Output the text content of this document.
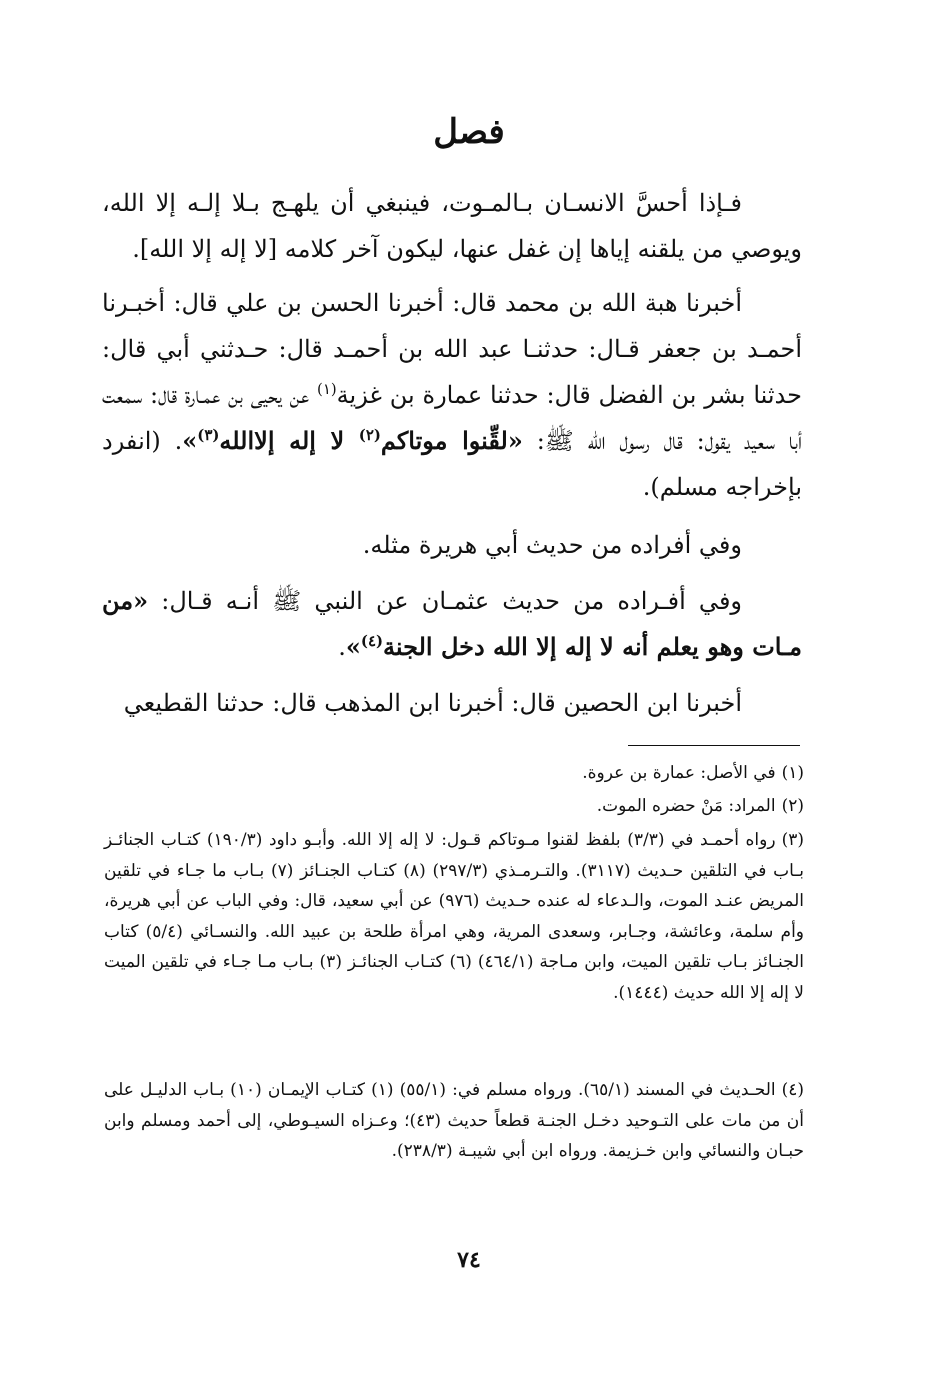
فصل

فـإذا أحسَّ الانسـان بـالمـوت، فينبغي أن يلهـج بـلا إلـه إلا الله، ويوصي من يلقنه إياها إن غفل عنها، ليكون آخر كلامه [لا إله إلا الله].

أخبرنا هبة الله بن محمد قال: أخبرنا الحسن بن علي قال: أخبـرنا أحمـد بن جعفر قـال: حدثنـا عبد الله بن أحمـد قال: حـدثني أبي قال: حدثنا بشر بن الفضل قال: حدثنا عمارة بن غزية$^{(١)}$ عن يحيى بن عمـارة قال: سمعت أبا سعيد يقول: قال رسول الله ﷺ: «لقِّنوا موتاكم$^{(٢)}$ لا إله إلاالله$^{(٣)}$». (انفرد بإخراجه مسلم).

وفي أفراده من حديث أبي هريرة مثله.

وفي أفـراده من حديث عثمـان عن النبي ﷺ أنـه قـال: «من مـات وهو يعلم أنه لا إله إلا الله دخل الجنة$^{(٤)}$».

أخبرنا ابن الحصين قال: أخبرنا ابن المذهب قال: حدثنا القطيعي

(١)في الأصل: عمارة بن عروة.

(٢)المراد: مَنْ حضره الموت.

(٣)رواه أحمـد في (٣/٣) بلفظ لقنوا مـوتاكم قـول: لا إله إلا الله. وأبـو داود (١٩٠/٣) كتـاب الجنائـز بـاب في التلقين حـديث (٣١١٧). والتـرمـذي (٢٩٧/٣) (٨) كتـاب الجنـائز (٧) بـاب ما جـاء في تلقين المريض عنـد الموت، والـدعاء له عنده حـديث (٩٧٦) عن أبي سعيد، قال: وفي الباب عن أبي هريرة، وأم سلمة، وعائشة، وجـابر، وسعدى المرية، وهي امرأة طلحة بن عبيد الله. والنسـائي (٥/٤) كتاب الجنـائز بـاب تلقين الميت، وابن مـاجة (٤٦٤/١) (٦) كتـاب الجنائـز (٣) بـاب مـا جـاء في تلقين الميت لا إله إلا الله حديث (١٤٤٤).

(٤)الحـديث في المسند (٦٥/١). ورواه مسلم في: (٥٥/١) (١) كتـاب الإيمـان (١٠) بـاب الدليـل على أن من مات على التـوحيد دخـل الجنـة قطعاً حديث (٤٣)؛ وعـزاه السيـوطي، إلى أحمد ومسلم وابن حبـان والنسائي وابن خـزيمة. ورواه ابن أبي شيبـة (٢٣٨/٣).

٧٤
